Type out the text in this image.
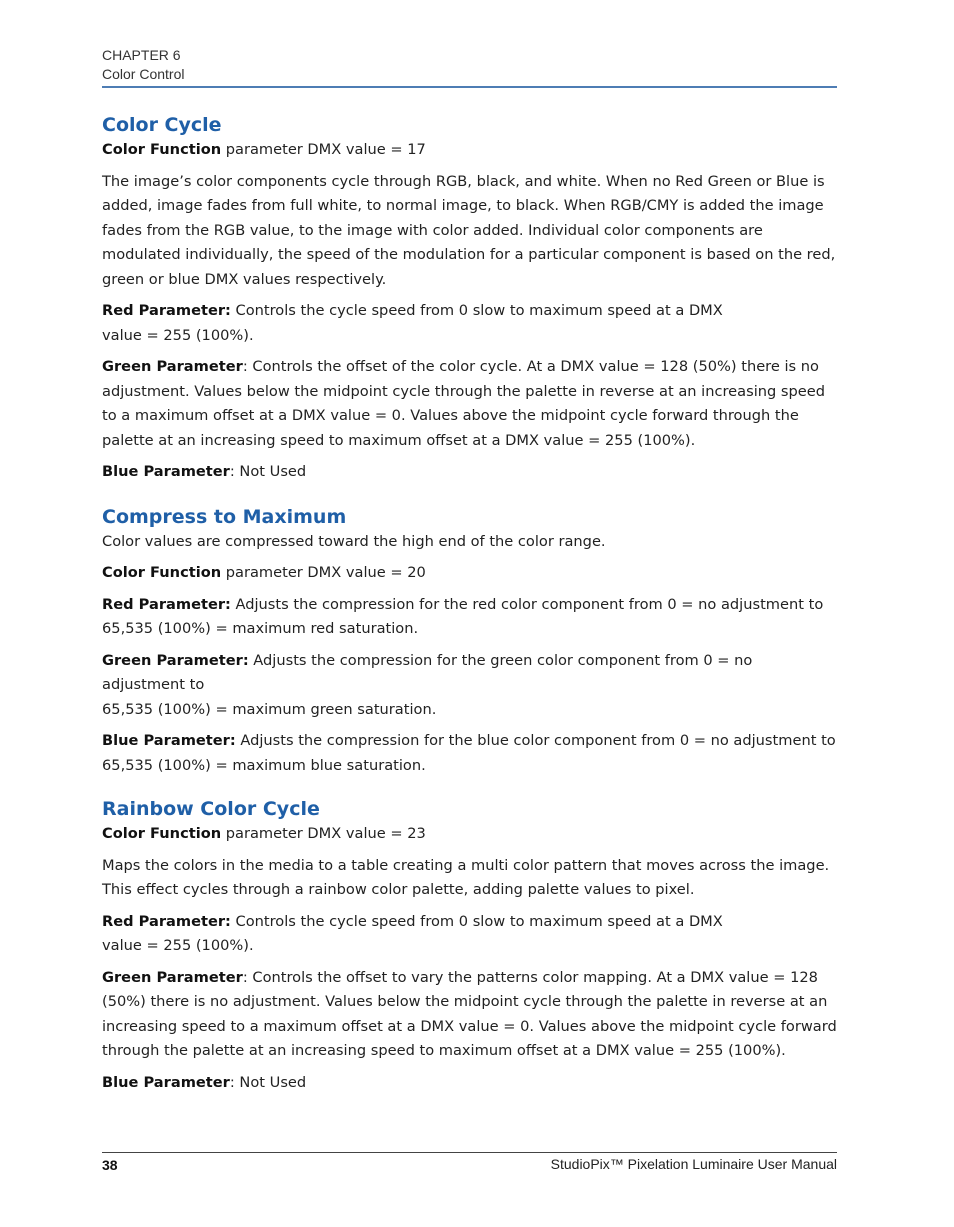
CHAPTER 6
Color Control
Color Cycle

Color Function parameter DMX value = 17

The image’s color components cycle through RGB, black, and white. When no Red Green or Blue is added, image fades from full white, to normal image, to black. When RGB/CMY is added the image fades from the RGB value, to the image with color added. Individual color components are modulated individually, the speed of the modulation for a particular component is based on the red, green or blue DMX values respectively.

Red Parameter: Controls the cycle speed from 0 slow to maximum speed at a DMX
value = 255 (100%).

Green Parameter: Controls the offset of the color cycle. At a DMX value = 128 (50%) there is no adjustment. Values below the midpoint cycle through the palette in reverse at an increasing speed to a maximum offset at a DMX value = 0. Values above the midpoint cycle forward through the palette at an increasing speed to maximum offset at a DMX value = 255 (100%).

Blue Parameter: Not Used

Compress to Maximum

Color values are compressed toward the high end of the color range.

Color Function parameter DMX value = 20

Red Parameter: Adjusts the compression for the red color component from 0 = no adjustment to 65,535 (100%) = maximum red saturation.

Green Parameter: Adjusts the compression for the green color component from 0 = no adjustment to
65,535 (100%) = maximum green saturation.

Blue Parameter: Adjusts the compression for the blue color component from 0 = no adjustment to 65,535 (100%) = maximum blue saturation.

Rainbow Color Cycle

Color Function parameter DMX value = 23

Maps the colors in the media to a table creating a multi color pattern that moves across the image. This effect cycles through a rainbow color palette, adding palette values to pixel.

Red Parameter: Controls the cycle speed from 0 slow to maximum speed at a DMX
value = 255 (100%).

Green Parameter: Controls the offset to vary the patterns color mapping. At a DMX value = 128 (50%) there is no adjustment. Values below the midpoint cycle through the palette in reverse at an increasing speed to a maximum offset at a DMX value = 0. Values above the midpoint cycle forward through the palette at an increasing speed to maximum offset at a DMX value = 255 (100%).

Blue Parameter: Not Used

38	StudioPix™ Pixelation Luminaire User Manual
